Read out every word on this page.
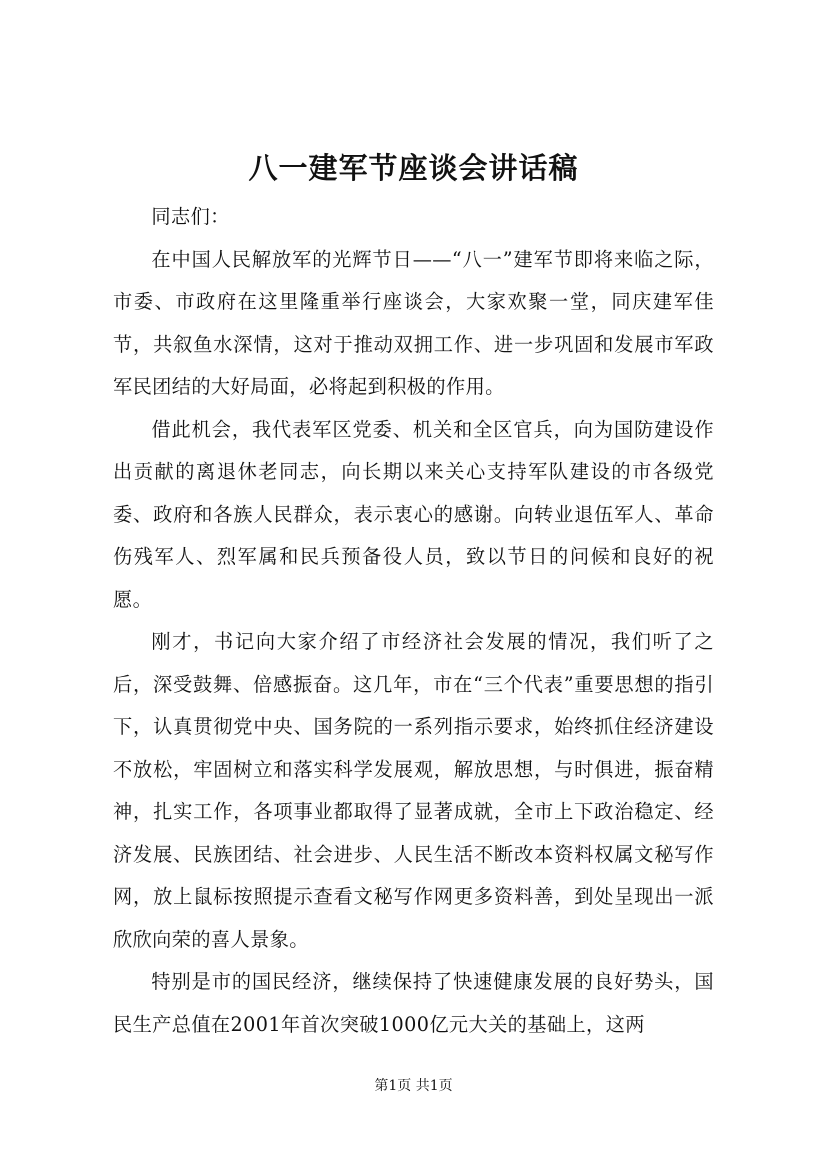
八一建军节座谈会讲话稿

同志们：

在中国人民解放军的光辉节日——“八一”建军节即将来临之际，市委、市政府在这里隆重举行座谈会，大家欢聚一堂，同庆建军佳节，共叙鱼水深情，这对于推动双拥工作、进一步巩固和发展市军政军民团结的大好局面，必将起到积极的作用。

借此机会，我代表军区党委、机关和全区官兵，向为国防建设作出贡献的离退休老同志，向长期以来关心支持军队建设的市各级党委、政府和各族人民群众，表示衷心的感谢。向转业退伍军人、革命伤残军人、烈军属和民兵预备役人员，致以节日的问候和良好的祝愿。

刚才，书记向大家介绍了市经济社会发展的情况，我们听了之后，深受鼓舞、倍感振奋。这几年，市在“三个代表”重要思想的指引下，认真贯彻党中央、国务院的一系列指示要求，始终抓住经济建设不放松，牢固树立和落实科学发展观，解放思想，与时俱进，振奋精神，扎实工作，各项事业都取得了显著成就，全市上下政治稳定、经济发展、民族团结、社会进步、人民生活不断改本资料权属文秘写作网，放上鼠标按照提示查看文秘写作网更多资料善，到处呈现出一派欣欣向荣的喜人景象。

特别是市的国民经济，继续保持了快速健康发展的良好势头，国民生产总值在2001年首次突破1000亿元大关的基础上，这两

第1页 共1页
